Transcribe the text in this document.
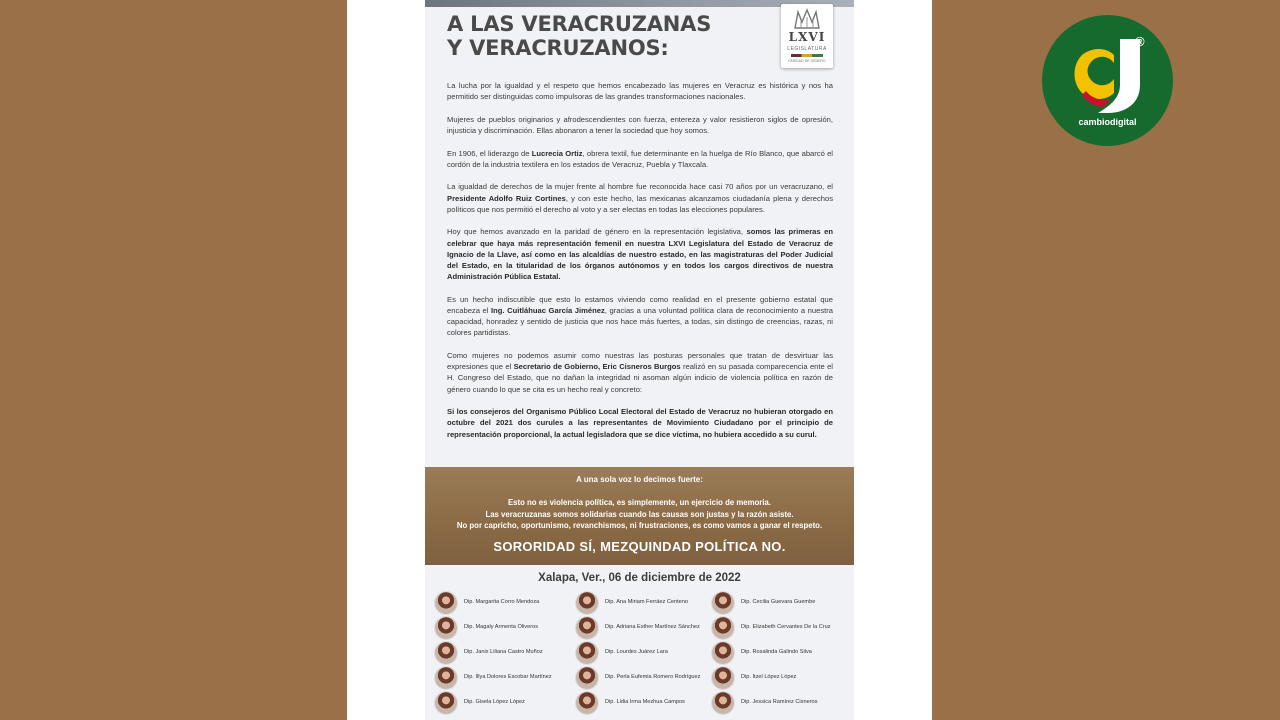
A LAS VERACRUZANAS
Y VERACRUZANOS:	LXVI
LEGISLATURA
PARIDAD DE GÉNERO

La lucha por la igualdad y el respeto que hemos encabezado las mujeres en Veracruz es histórica y nos ha permitido ser distinguidas como impulsoras de las grandes transformaciones nacionales.

Mujeres de pueblos originarios y afrodescendientes con fuerza, entereza y valor resistieron siglos de opresión, injusticia y discriminación. Ellas abonaron a tener la sociedad que hoy somos.

En 1906, el liderazgo de Lucrecia Ortiz, obrera textil, fue determinante en la huelga de Río Blanco, que abarcó el cordón de la industria textilera en los estados de Veracruz, Puebla y Tlaxcala.

La igualdad de derechos de la mujer frente al hombre fue reconocida hace casi 70 años por un veracruzano, el Presidente Adolfo Ruiz Cortines, y con este hecho, las mexicanas alcanzamos ciudadanía plena y derechos políticos que nos permitió el derecho al voto y a ser electas en todas las elecciones populares.

Hoy que hemos avanzado en la paridad de género en la representación legislativa, somos las primeras en celebrar que haya más representación femenil en nuestra LXVI Legislatura del Estado de Veracruz de Ignacio de la Llave, así como en las alcaldías de nuestro estado, en las magistraturas del Poder Judicial del Estado, en la titularidad de los órganos autónomos y en todos los cargos directivos de nuestra Administración Pública Estatal.

Es un hecho indiscutible que esto lo estamos viviendo como realidad en el presente gobierno estatal que encabeza el Ing. Cuitláhuac García Jiménez, gracias a una voluntad política clara de reconocimiento a nuestra capacidad, honradez y sentido de justicia que nos hace más fuertes, a todas, sin distingo de creencias, razas, ni colores partidistas.

Como mujeres no podemos asumir como nuestras las posturas personales que tratan de desvirtuar las expresiones que el Secretario de Gobierno, Eric Cisneros Burgos realizó en su pasada comparecencia ente el H. Congreso del Estado, que no dañan la integridad ni asoman algún indicio de violencia política en razón de género cuando lo que se cita es un hecho real y concreto:

Si los consejeros del Organismo Público Local Electoral del Estado de Veracruz no hubieran otorgado en octubre del 2021 dos curules a las representantes de Movimiento Ciudadano por el principio de representación proporcional, la actual legisladora que se dice víctima, no hubiera accedido a su curul.

A una sola voz lo decimos fuerte:
Esto no es violencia política, es simplemente, un ejercicio de memoria.
Las veracruzanas somos solidarias cuando las causas son justas y la razón asiste.
No por capricho, oportunismo, revanchismos, ni frustraciones, es como vamos a ganar el respeto.
SORORIDAD SÍ, MEZQUINDAD POLÍTICA NO.
Xalapa, Ver., 06 de diciembre de 2022
Dip. Margarita Corro Mendoza	Dip. Ana Miriam Ferráez Centeno	Dip. Cecilia Guevara Guembe
Dip. Magaly Armenta Oliveros	Dip. Adriana Esther Martínez Sánchez	Dip. Elizabeth Cervantes De la Cruz
Dip. Janix Liliana Castro Muñoz	Dip. Lourdes Juárez Lara	Dip. Rosalinda Galindo Silva
Dip. Illya Dolores Escobar Martínez	Dip. Perla Eufemia Romero Rodríguez	Dip. Itzel López López
Dip. Gisela López López	Dip. Lidia Irma Mezhua Campos	Dip. Jessica Ramírez Cisneros
cambiodigital
®
